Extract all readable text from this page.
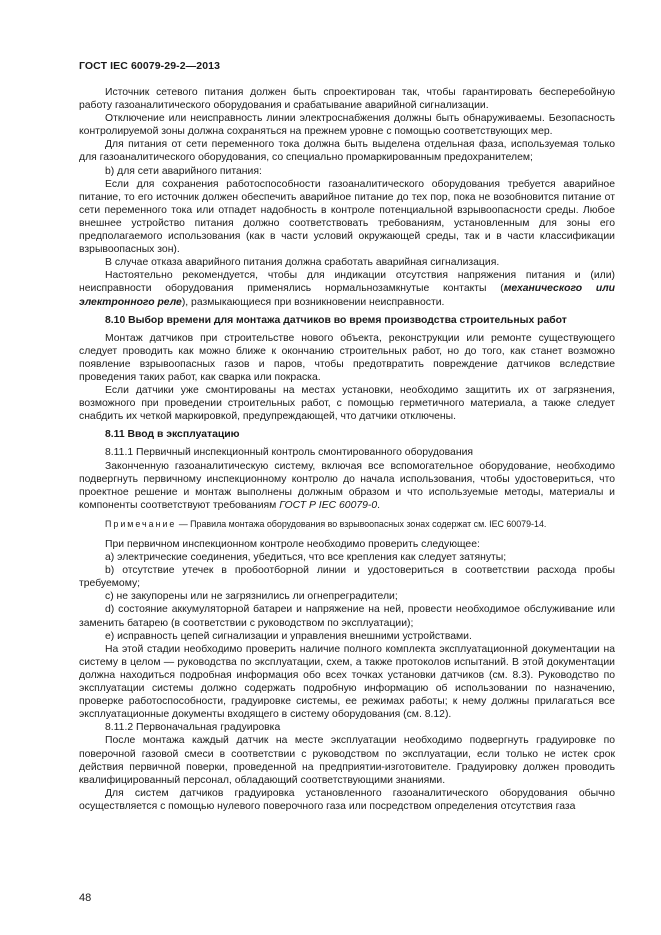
ГОСТ IEC 60079-29-2—2013

Источник сетевого питания должен быть спроектирован так, чтобы гарантировать бесперебойную работу газоаналитического оборудования и срабатывание аварийной сигнализации.

Отключение или неисправность линии электроснабжения должны быть обнаруживаемы. Безопасность контролируемой зоны должна сохраняться на прежнем уровне с помощью соответствующих мер.

Для питания от сети переменного тока должна быть выделена отдельная фаза, используемая только для газоаналитического оборудования, со специально промаркированным предохранителем;

b) для сети аварийного питания:

Если для сохранения работоспособности газоаналитического оборудования требуется аварийное питание, то его источник должен обеспечить аварийное питание до тех пор, пока не возобновится питание от сети переменного тока или отпадет надобность в контроле потенциальной взрывоопасности среды. Любое внешнее устройство питания должно соответствовать требованиям, установленным для зоны его предполагаемого использования (как в части условий окружающей среды, так и в части классификации взрывоопасных зон).

В случае отказа аварийного питания должна сработать аварийная сигнализация.

Настоятельно рекомендуется, чтобы для индикации отсутствия напряжения питания и (или) неисправности оборудования применялись нормальнозамкнутые контакты (механического или электронного реле), размыкающиеся при возникновении неисправности.

8.10 Выбор времени для монтажа датчиков во время производства строительных работ

Монтаж датчиков при строительстве нового объекта, реконструкции или ремонте существующего следует проводить как можно ближе к окончанию строительных работ, но до того, как станет возможно появление взрывоопасных газов и паров, чтобы предотвратить повреждение датчиков вследствие проведения таких работ, как сварка или покраска.

Если датчики уже смонтированы на местах установки, необходимо защитить их от загрязнения, возможного при проведении строительных работ, с помощью герметичного материала, а также следует снабдить их четкой маркировкой, предупреждающей, что датчики отключены.

8.11 Ввод в эксплуатацию

8.11.1 Первичный инспекционный контроль смонтированного оборудования

Законченную газоаналитическую систему, включая все вспомогательное оборудование, необходимо подвергнуть первичному инспекционному контролю до начала использования, чтобы удостовериться, что проектное решение и монтаж выполнены должным образом и что используемые методы, материалы и компоненты соответствуют требованиям ГОСТ Р IEC 60079-0.

Примечание — Правила монтажа оборудования во взрывоопасных зонах содержат см. IEC 60079-14.

При первичном инспекционном контроле необходимо проверить следующее:

а) электрические соединения, убедиться, что все крепления как следует затянуты;

b) отсутствие утечек в пробоотборной линии и удостовериться в соответствии расхода пробы требуемому;

c) не закупорены или не загрязнились ли огнепреградители;

d) состояние аккумуляторной батареи и напряжение на ней, провести необходимое обслуживание или заменить батарею (в соответствии с руководством по эксплуатации);

е) исправность цепей сигнализации и управления внешними устройствами.

На этой стадии необходимо проверить наличие полного комплекта эксплуатационной документации на систему в целом — руководства по эксплуатации, схем, а также протоколов испытаний. В этой документации должна находиться подробная информация обо всех точках установки датчиков (см. 8.3). Руководство по эксплуатации системы должно содержать подробную информацию об использовании по назначению, проверке работоспособности, градуировке системы, ее режимах работы; к нему должны прилагаться все эксплуатационные документы входящего в систему оборудования (см. 8.12).

8.11.2 Первоначальная градуировка

После монтажа каждый датчик на месте эксплуатации необходимо подвергнуть градуировке по поверочной газовой смеси в соответствии с руководством по эксплуатации, если только не истек срок действия первичной поверки, проведенной на предприятии-изготовителе. Градуировку должен проводить квалифицированный персонал, обладающий соответствующими знаниями.

Для систем датчиков градуировка установленного газоаналитического оборудования обычно осуществляется с помощью нулевого поверочного газа или посредством определения отсутствия газа

48
